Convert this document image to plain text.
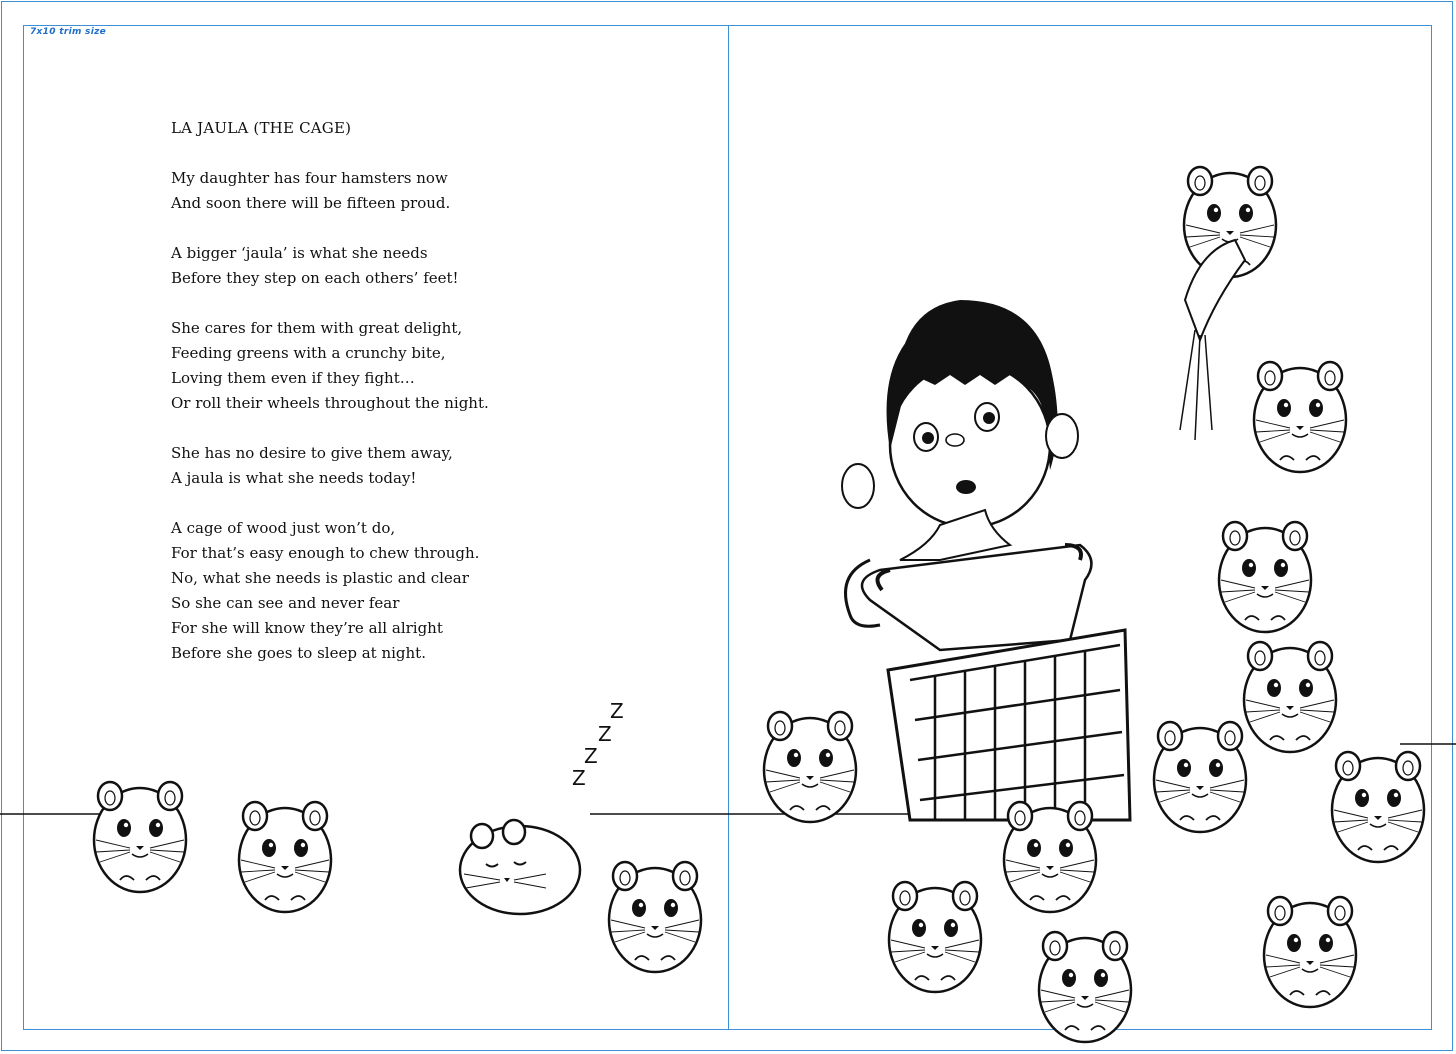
7x10 trim size
LA JAULA (THE CAGE)
My daughter has four hamsters now
And soon there will be fifteen proud.
A bigger ‘jaula’ is what she needs
Before they step on each others’ feet!
She cares for them with great delight,
Feeding greens with a crunchy bite,
Loving them even if they fight…
Or roll their wheels throughout the night.
She has no desire to give them away,
A jaula is what she needs today!
A cage of wood just won’t do,
For that’s easy enough to chew through.
No, what she needs is plastic and clear
So she can see and never fear
For she will know they’re all alright
Before she goes to sleep at night.
Z
Z
Z
Z
